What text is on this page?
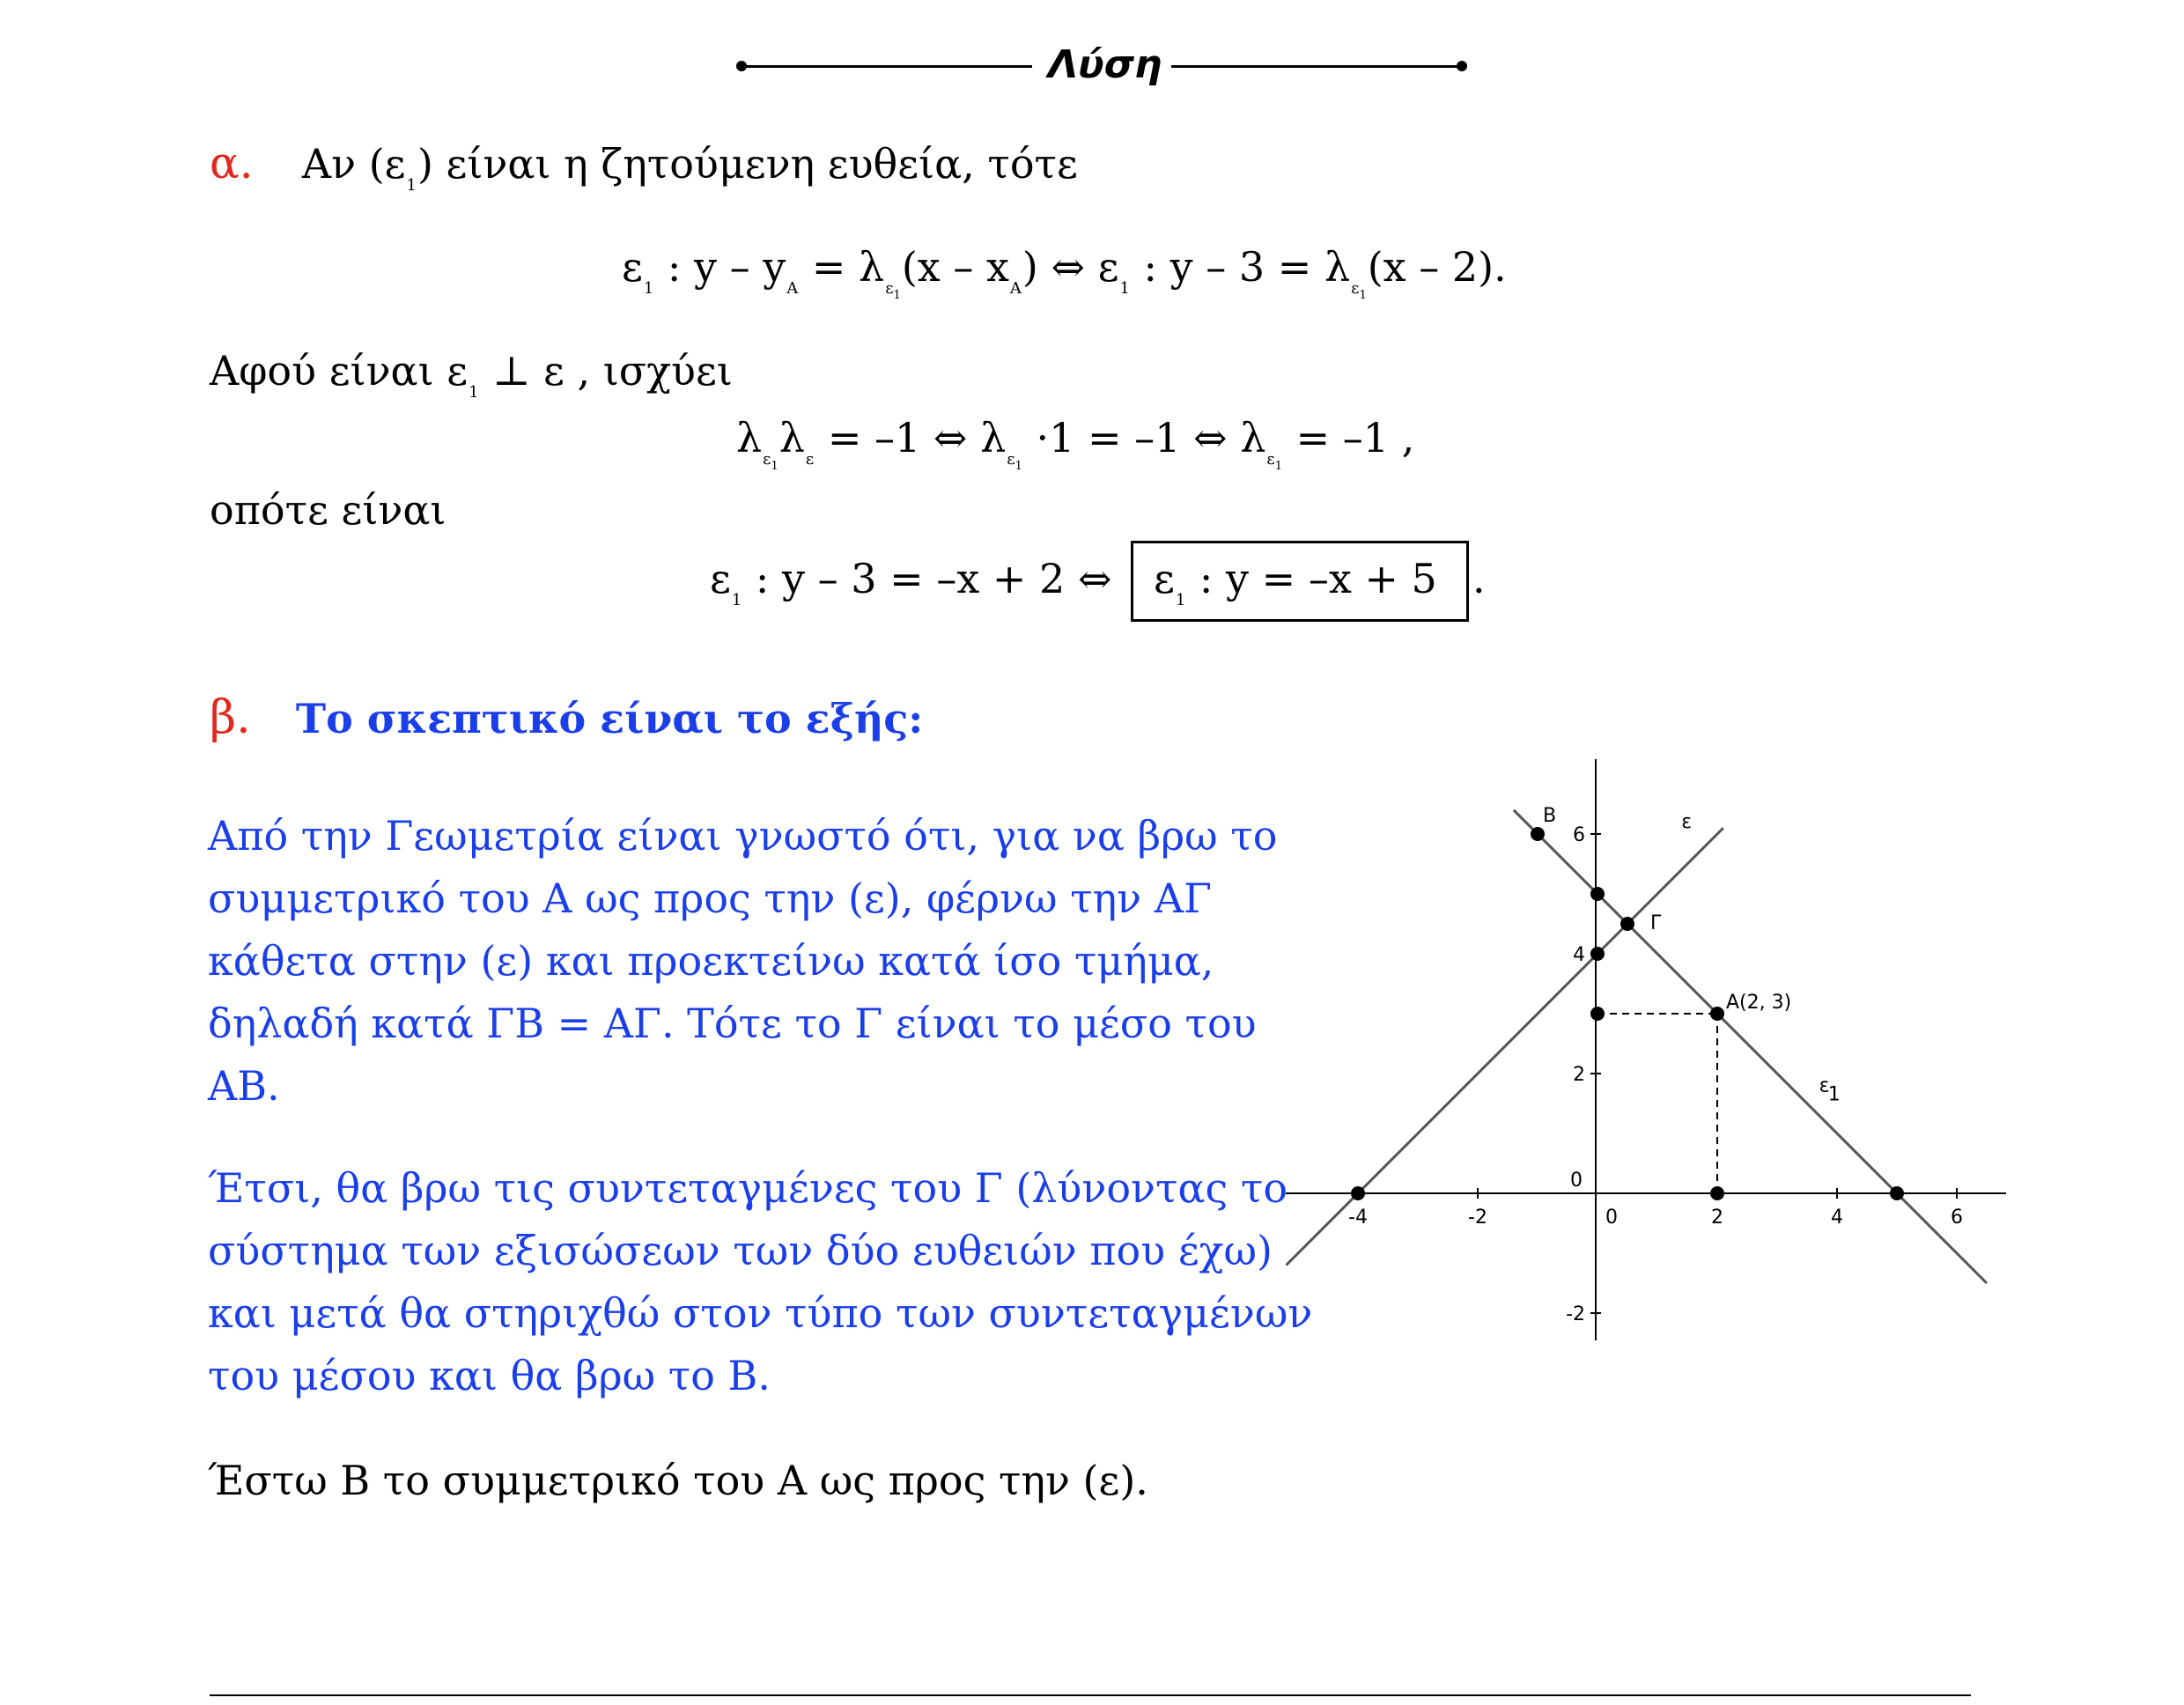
Λύση
α. Αν $(\varepsilon_1)$ είναι η ζητούμενη ευθεία, τότε
$\varepsilon_1$ : $y - y_A = \lambda_{\varepsilon_1}(x - x_A)$ ⇔ $\varepsilon_1$ : $y - 3 = \lambda_{\varepsilon_1}(x - 2)$.
Αφού είναι $\varepsilon_1$ ⊥ ε , ισχύει
$\lambda_{\varepsilon_1}\lambda_\varepsilon = -1$ ⇔ $\lambda_{\varepsilon_1} \cdot 1 = -1$ ⇔ $\lambda_{\varepsilon_1} = -1$ ,
οπότε είναι
$\varepsilon_1$ : y – 3 = –x + 2 ⇔ $\varepsilon_1$ : y = –x + 5 .
β. Το σκεπτικό είναι το εξής:
Από την Γεωμετρία είναι γνωστό ότι, για να βρω το
συμμετρικό του Α ως προς την (ε), φέρνω την ΑΓ
κάθετα στην (ε) και προεκτείνω κατά ίσο τμήμα,
δηλαδή κατά ΓΒ = ΑΓ. Τότε το Γ είναι το μέσο του
ΑΒ.
Έτσι, θα βρω τις συντεταγμένες του Γ (λύνοντας το
σύστημα των εξισώσεων των δύο ευθειών που έχω)
και μετά θα στηριχθώ στον τύπο των συντεταγμένων
του μέσου και θα βρω το Β.
Έστω Β το συμμετρικό του Α ως προς την (ε).
-4	-2	0	2	4	6
6
4
2
0
-2
ε
ε
1
B
Γ
A(2, 3)
